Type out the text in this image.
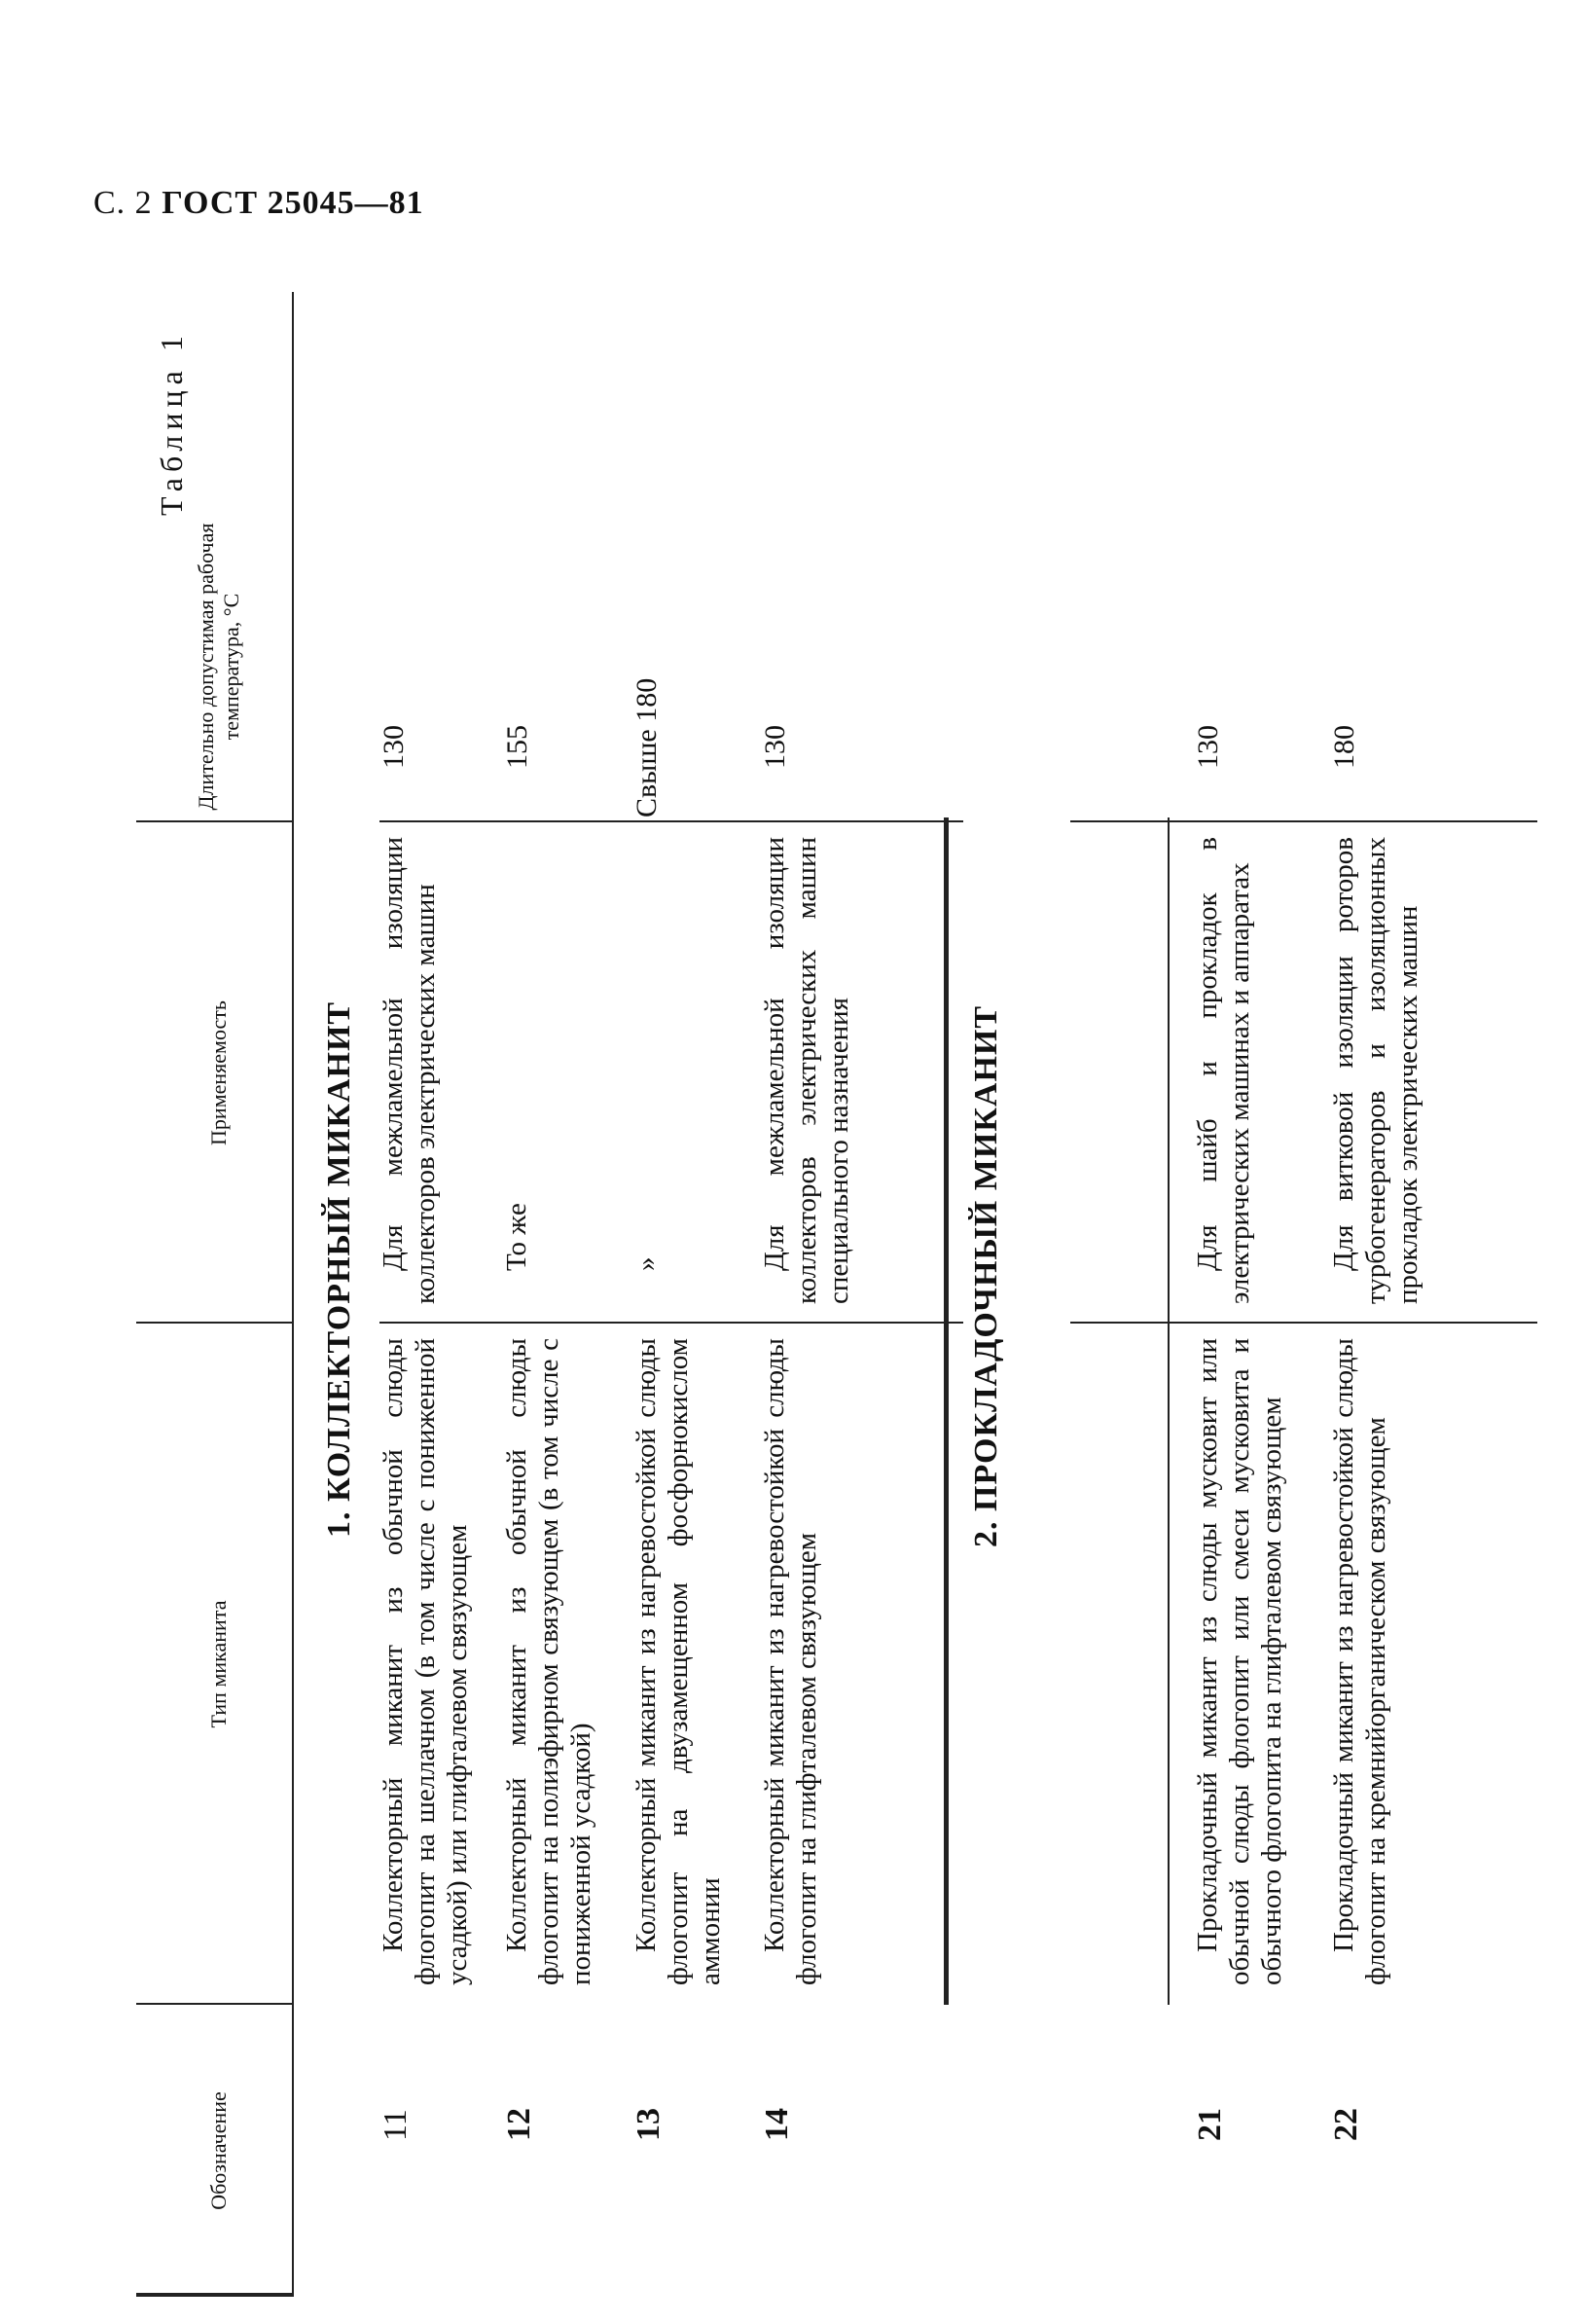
С. 2 ГОСТ 25045—81
Таблица 1
Обозначение
Тип миканита
Применяемость
Длительно допустимая рабочая температура, °С
1. КОЛЛЕКТОРНЫЙ МИКАНИТ
11
Коллекторный миканит из обычной слюды флогопит на шеллачном (в том числе с пониженной усадкой) или глифталевом связующем
Для межламельной изоляции коллекторов электрических машин
130
12
Коллекторный миканит из обычной слюды флогопит на полиэфирном связующем (в том числе с пониженной усадкой)
То же
155
13
Коллекторный миканит из нагревостойкой слюды флогопит на двузамещенном фосфорнокислом аммонии
»
Свыше 180
14
Коллекторный миканит из нагревостойкой слюды флогопит на глифталевом связующем
Для межламельной изоляции коллекторов электрических машин специального назначения
130
2. ПРОКЛАДОЧНЫЙ МИКАНИТ
21
Прокладочный миканит из слюды мусковит или обычной слюды флогопит или смеси мусковита и обычного флогопита на глифталевом связующем
Для шайб и прокладок в электрических машинах и аппаратах
130
22
Прокладочный миканит из нагревостойкой слюды флогопит на кремнийорганическом связующем
Для витковой изоляции роторов турбогенераторов и изоляционных прокладок электрических машин
180
